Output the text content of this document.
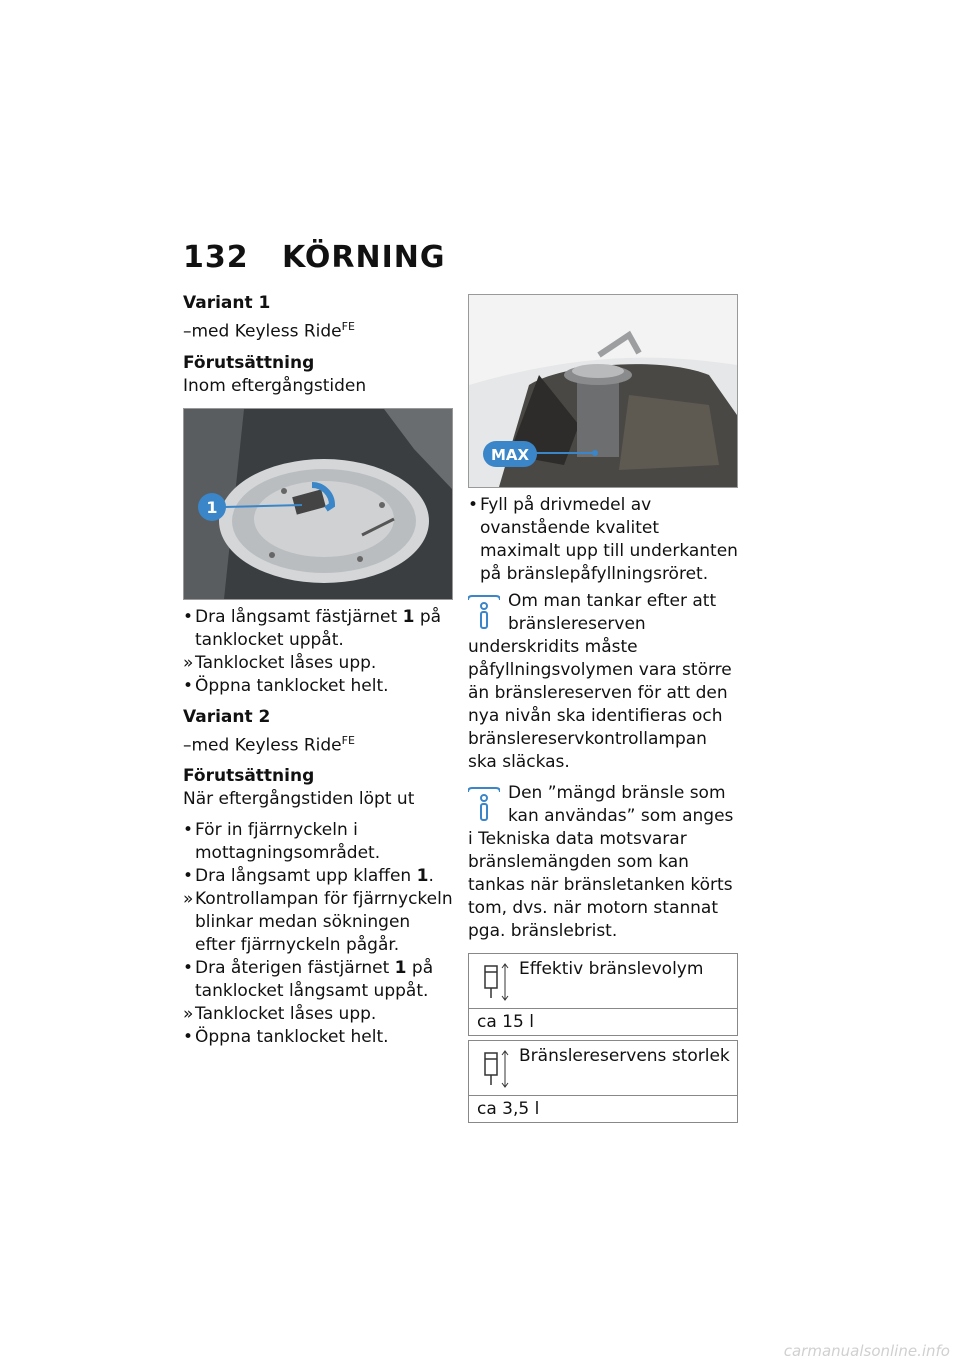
132 KÖRNING
Variant 1
–med Keyless Ride$^{FE}$
Förutsättning
Inom eftergångstiden
1
• Dra långsamt fästjärnet 1 på tanklocket uppåt.
» Tanklocket låses upp.
• Öppna tanklocket helt.
Variant 2
–med Keyless Ride$^{FE}$
Förutsättning
När eftergångstiden löpt ut
• För in fjärrnyckeln i mottagningsområdet.
• Dra långsamt upp klaffen 1.
» Kontrollampan för fjärrnyckeln blinkar medan sökningen efter fjärrnyckeln pågår.
• Dra återigen fästjärnet 1 på tanklocket långsamt uppåt.
» Tanklocket låses upp.
• Öppna tanklocket helt.
MAX
• Fyll på drivmedel av ovanstående kvalitet maximalt upp till underkanten på bränslepåfyllningsröret.
Om man tankar efter att bränslereserven underskridits måste påfyllningsvolymen vara större än bränslereserven för att den nya nivån ska identifieras och bränslereservkontrollampan ska släckas.
Den ”mängd bränsle som kan användas” som anges i Tekniska data motsvarar bränslemängden som kan tankas när bränsletanken körts tom, dvs. när motorn stannat pga. bränslebrist.
Effektiv bränslevolym
ca 15 l
Bränslereservens storlek
ca 3,5 l
carmanualsonline.info
